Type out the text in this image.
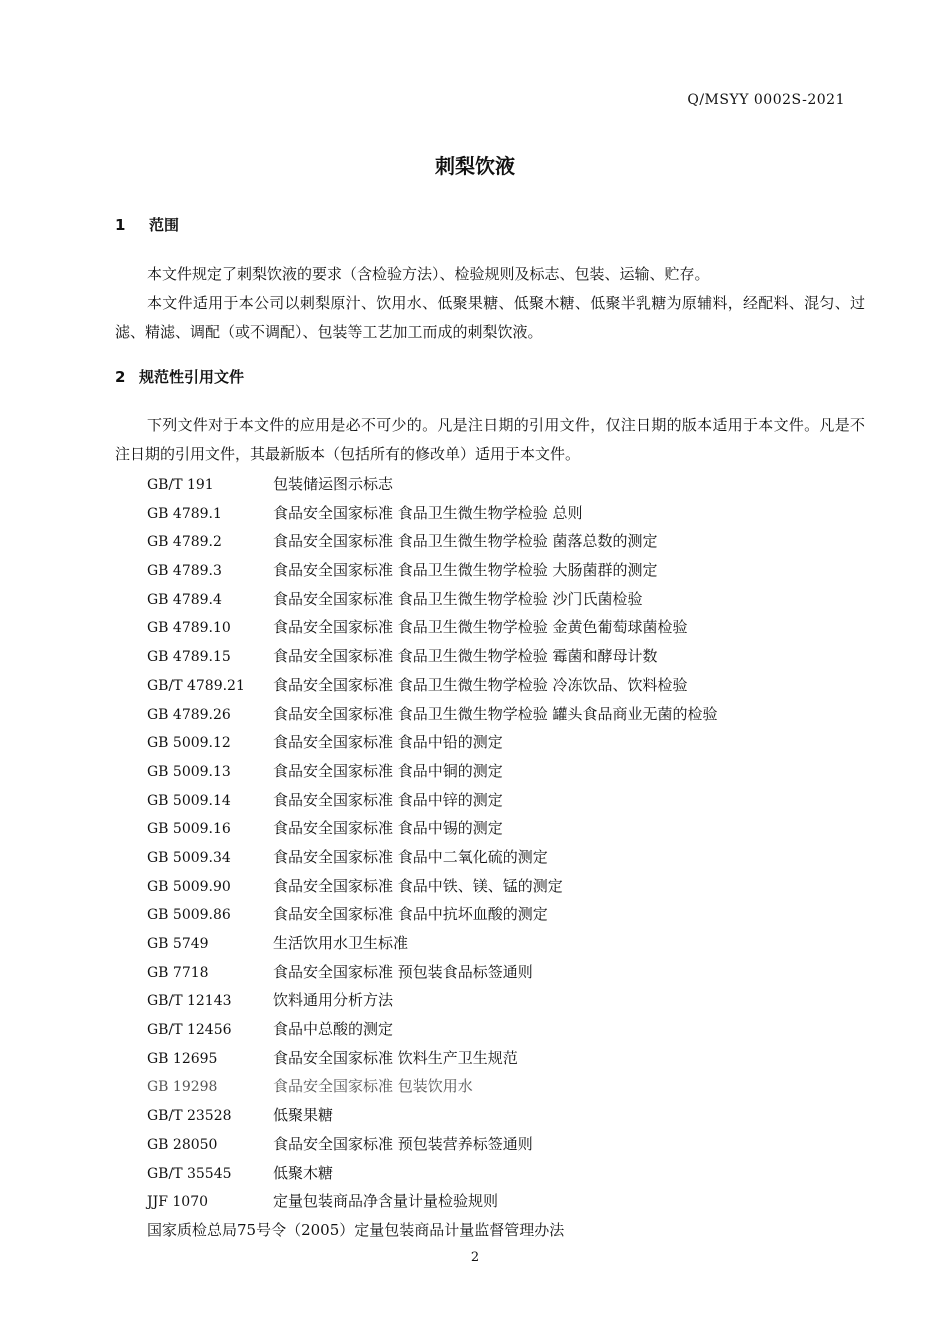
Q/MSYY 0002S-2021
刺梨饮液
1 范围

本文件规定了刺梨饮液的要求（含检验方法）、检验规则及标志、包装、运输、贮存。

本文件适用于本公司以刺梨原汁、饮用水、低聚果糖、低聚木糖、低聚半乳糖为原辅料，经配料、混匀、过滤、精滤、调配（或不调配）、包装等工艺加工而成的刺梨饮液。

2 规范性引用文件

下列文件对于本文件的应用是必不可少的。凡是注日期的引用文件，仅注日期的版本适用于本文件。凡是不注日期的引用文件，其最新版本（包括所有的修改单）适用于本文件。

GB/T 191	包装储运图示标志
GB 4789.1	食品安全国家标准 食品卫生微生物学检验 总则
GB 4789.2	食品安全国家标准 食品卫生微生物学检验 菌落总数的测定
GB 4789.3	食品安全国家标准 食品卫生微生物学检验 大肠菌群的测定
GB 4789.4	食品安全国家标准 食品卫生微生物学检验 沙门氏菌检验
GB 4789.10	食品安全国家标准 食品卫生微生物学检验 金黄色葡萄球菌检验
GB 4789.15	食品安全国家标准 食品卫生微生物学检验 霉菌和酵母计数
GB/T 4789.21 食品安全国家标准 食品卫生微生物学检验 冷冻饮品、饮料检验
GB 4789.26	食品安全国家标准 食品卫生微生物学检验 罐头食品商业无菌的检验
GB 5009.12	食品安全国家标准 食品中铅的测定
GB 5009.13	食品安全国家标准 食品中铜的测定
GB 5009.14	食品安全国家标准 食品中锌的测定
GB 5009.16	食品安全国家标准 食品中锡的测定
GB 5009.34	食品安全国家标准 食品中二氧化硫的测定
GB 5009.90	食品安全国家标准 食品中铁、镁、锰的测定
GB 5009.86	食品安全国家标准 食品中抗坏血酸的测定
GB 5749	生活饮用水卫生标准
GB 7718	食品安全国家标准 预包装食品标签通则
GB/T 12143	饮料通用分析方法
GB/T 12456	食品中总酸的测定
GB 12695	食品安全国家标准 饮料生产卫生规范
GB 19298	食品安全国家标准 包装饮用水
GB/T 23528	低聚果糖
GB 28050	食品安全国家标准 预包装营养标签通则
GB/T 35545	低聚木糖
JJF 1070	定量包装商品净含量计量检验规则
国家质检总局75号令（2005）定量包装商品计量监督管理办法
2
